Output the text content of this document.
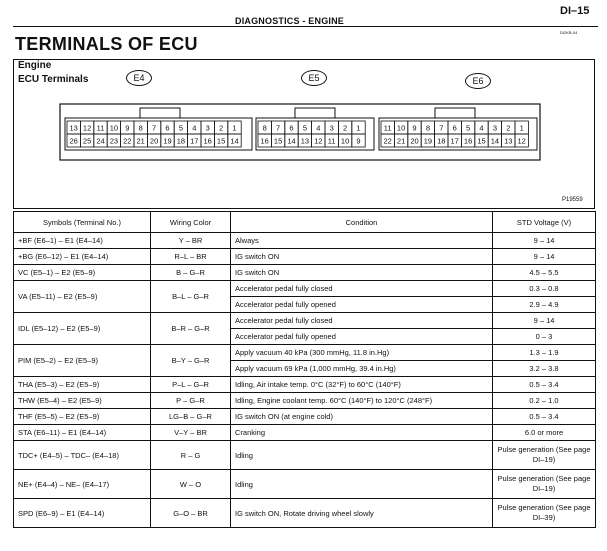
DIAGNOSTICS - ENGINE
DI–15
DI2KB-04
TERMINALS OF ECU
Engine
ECU Terminals	E4	E5	E6
P19559
13 12 11 10 9 8 7 6 5 4 3 2 1
26 25 24 23 22 21 20 19 18 17 16 15 14
8 7 6 5 4 3 2 1
16 15 14 13 12 11 10 9
11 10 9 8 7 6 5 4 3 2 1
22 21 20 19 18 17 16 15 14 13 12
Symbols (Terminal No.)	Wiring Color	Condition	STD Voltage (V)
+BF (E6–1) – E1 (E4–14)	Y – BR	Always	9 – 14
+BG (E6–12) – E1 (E4–14)	R–L – BR	IG switch ON	9 – 14
VC (E5–1) – E2 (E5–9)	B – G–R	IG switch ON	4.5 – 5.5
VA (E5–11) – E2 (E5–9)	B–L – G–R	Accelerator pedal fully closed	0.3 – 0.8
		Accelerator pedal fully opened	2.9 – 4.9
IDL (E5–12) – E2 (E5–9)	B–R – G–R	Accelerator pedal fully closed	9 – 14
		Accelerator pedal fully opened	0 – 3
PIM (E5–2) – E2 (E5–9)	B–Y – G–R	Apply vacuum 40 kPa (300 mmHg, 11.8 in.Hg)	1.3 – 1.9
		Apply vacuum 69 kPa (1,000 mmHg, 39.4 in.Hg)	3.2 – 3.8
THA (E5–3) – E2 (E5–9)	P–L – G–R	Idling, Air intake temp. 0°C (32°F) to 60°C (140°F)	0.5 – 3.4
THW (E5–4) – E2 (E5–9)	P – G–R	Idling, Engine coolant temp. 60°C (140°F) to 120°C (248°F)	0.2 – 1.0
THF (E5–5) – E2 (E5–9)	LG–B – G–R	IG switch ON (at engine cold)	0.5 – 3.4
STA (E6–11) – E1 (E4–14)	V–Y – BR	Cranking	6.0 or more
TDC+ (E4–5) – TDC– (E4–18)	R – G	Idling	Pulse generation (See page DI–19)
NE+ (E4–4) – NE– (E4–17)	W – O	Idling	Pulse generation (See page DI–19)
SPD (E6–9) – E1 (E4–14)	G–O – BR	IG switch ON, Rotate driving wheel slowly	Pulse generation (See page DI–39)
